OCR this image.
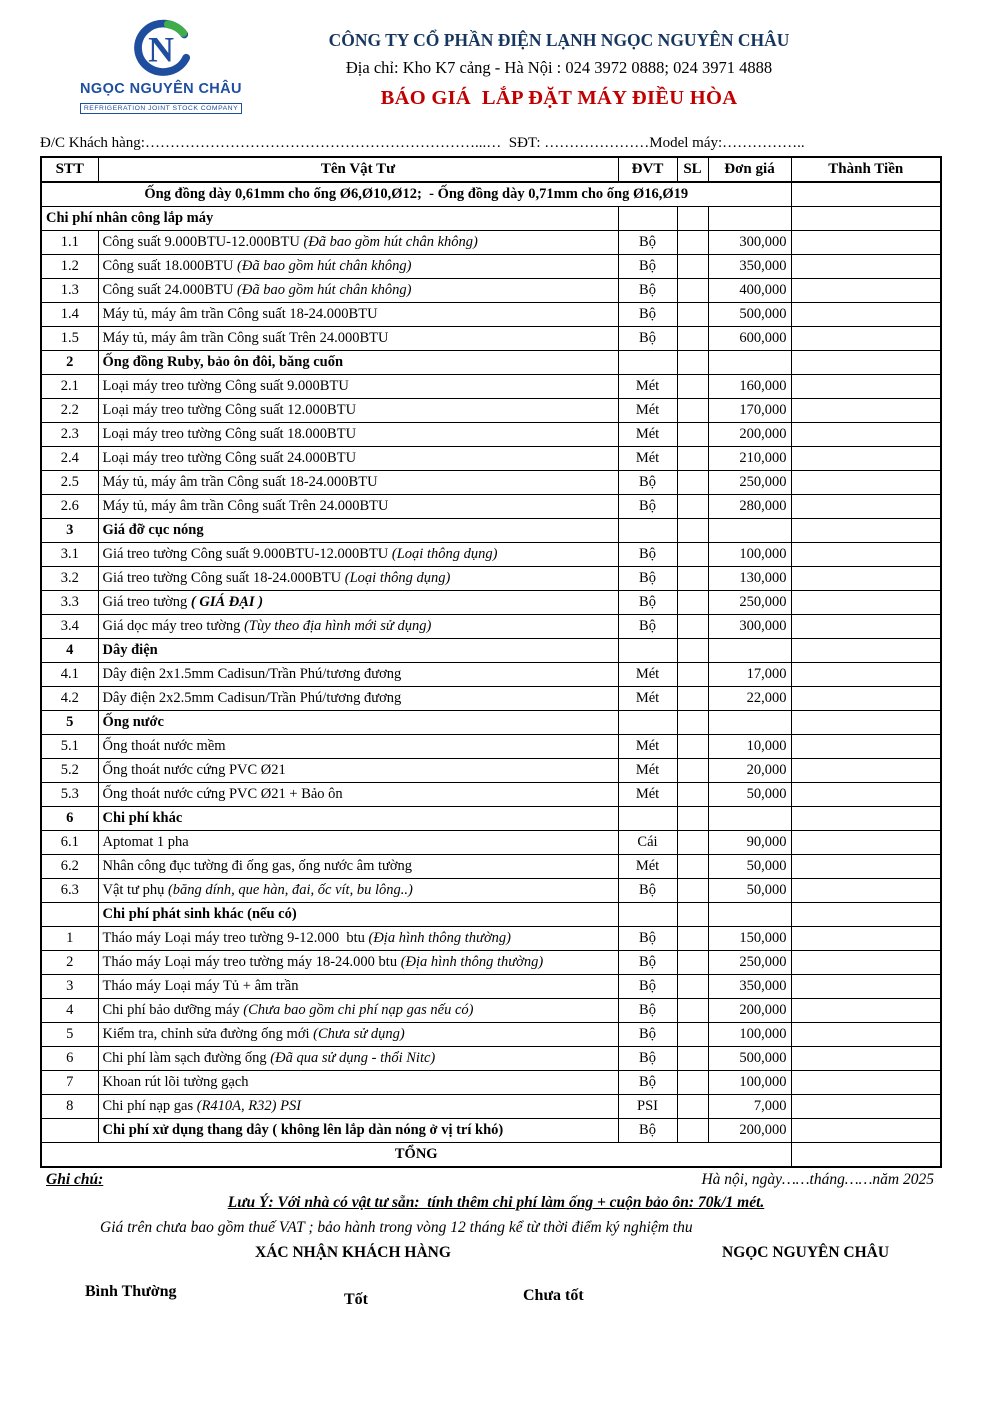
N
NGỌC NGUYÊN CHÂU
REFRIGERATION JOINT STOCK COMPANY
CÔNG TY CỔ PHẦN ĐIỆN LẠNH NGỌC NGUYÊN CHÂU
Địa chỉ: Kho K7 cảng - Hà Nội : 024 3972 0888; 024 3971 4888
BÁO GIÁ  LẮP ĐẶT MÁY ĐIỀU HÒA
Đ/C Khách hàng:…………………………………………………………...…  SĐT: …………………Model máy:……………..
STT	Tên Vật Tư	ĐVT	SL	Đơn giá	Thành Tiền
Ống đồng dày 0,61mm cho ống Ø6,Ø10,Ø12;  - Ống đồng dày 0,71mm cho ống Ø16,Ø19					
Chi phí nhân công lắp máy					
1.1	Công suất 9.000BTU-12.000BTU (Đã bao gồm hút chân không)	Bộ		300,000	
1.2	Công suất 18.000BTU (Đã bao gồm hút chân không)	Bộ		350,000	
1.3	Công suất 24.000BTU (Đã bao gồm hút chân không)	Bộ		400,000	
1.4	Máy tủ, máy âm trần Công suất 18-24.000BTU	Bộ		500,000	
1.5	Máy tủ, máy âm trần Công suất Trên 24.000BTU	Bộ		600,000	
2	Ống đồng Ruby, bảo ôn đôi, băng cuốn				
2.1	Loại máy treo tường Công suất 9.000BTU	Mét		160,000	
2.2	Loại máy treo tường Công suất 12.000BTU	Mét		170,000	
2.3	Loại máy treo tường Công suất 18.000BTU	Mét		200,000	
2.4	Loại máy treo tường Công suất 24.000BTU	Mét		210,000	
2.5	Máy tủ, máy âm trần Công suất 18-24.000BTU	Bộ		250,000	
2.6	Máy tủ, máy âm trần Công suất Trên 24.000BTU	Bộ		280,000	
3	Giá đỡ cục nóng				
3.1	Giá treo tường Công suất 9.000BTU-12.000BTU (Loại thông dụng)	Bộ		100,000	
3.2	Giá treo tường Công suất 18-24.000BTU (Loại thông dụng)	Bộ		130,000	
3.3	Giá treo tường ( GIÁ ĐẠI )	Bộ		250,000	
3.4	Giá dọc máy treo tường (Tùy theo địa hình mới sử dụng)	Bộ		300,000	
4	Dây điện				
4.1	Dây điện 2x1.5mm Cadisun/Trần Phú/tương đương	Mét		17,000	
4.2	Dây điện 2x2.5mm Cadisun/Trần Phú/tương đương	Mét		22,000	
5	Ống nước				
5.1	Ống thoát nước mềm	Mét		10,000	
5.2	Ống thoát nước cứng PVC Ø21	Mét		20,000	
5.3	Ống thoát nước cứng PVC Ø21 + Bảo ôn	Mét		50,000	
6	Chi phí khác				
6.1	Aptomat 1 pha	Cái		90,000	
6.2	Nhân công đục tường đi ống gas, ống nước âm tường	Mét		50,000	
6.3	Vật tư phụ (băng dính, que hàn, đai, ốc vít, bu lông..)	Bộ		50,000	
	Chi phí phát sinh khác (nếu có)				
1	Tháo máy Loại máy treo tường 9-12.000  btu (Địa hình thông thường)	Bộ		150,000	
2	Tháo máy Loại máy treo tường máy 18-24.000 btu (Địa hình thông thường)	Bộ		250,000	
3	Tháo máy Loại máy Tủ + âm trần	Bộ		350,000	
4	Chi phí bảo dưỡng máy (Chưa bao gồm chi phí nạp gas nếu có)	Bộ		200,000	
5	Kiểm tra, chỉnh sửa đường ống mới (Chưa sử dụng)	Bộ		100,000	
6	Chi phí làm sạch đường ống (Đã qua sử dụng - thổi Nitc)	Bộ		500,000	
7	Khoan rút lõi tường gạch	Bộ		100,000	
8	Chi phí nạp gas (R410A, R32) PSI	PSI		7,000	
	Chi phí xử dụng thang dây ( không lên lắp dàn nóng ở vị trí khó)	Bộ		200,000	
TỔNG					
Ghi chú:	Hà nội, ngày……tháng……năm 2025
Lưu Ý: Với nhà có vật tư sẵn:  tính thêm chi phí làm ống + cuộn bảo ôn: 70k/1 mét.
Giá trên chưa bao gồm thuế VAT ; bảo hành trong vòng 12 tháng kể từ thời điểm ký nghiệm thu
XÁC NHẬN KHÁCH HÀNG	NGỌC NGUYÊN CHÂU
Bình Thường	Tốt	Chưa tốt
